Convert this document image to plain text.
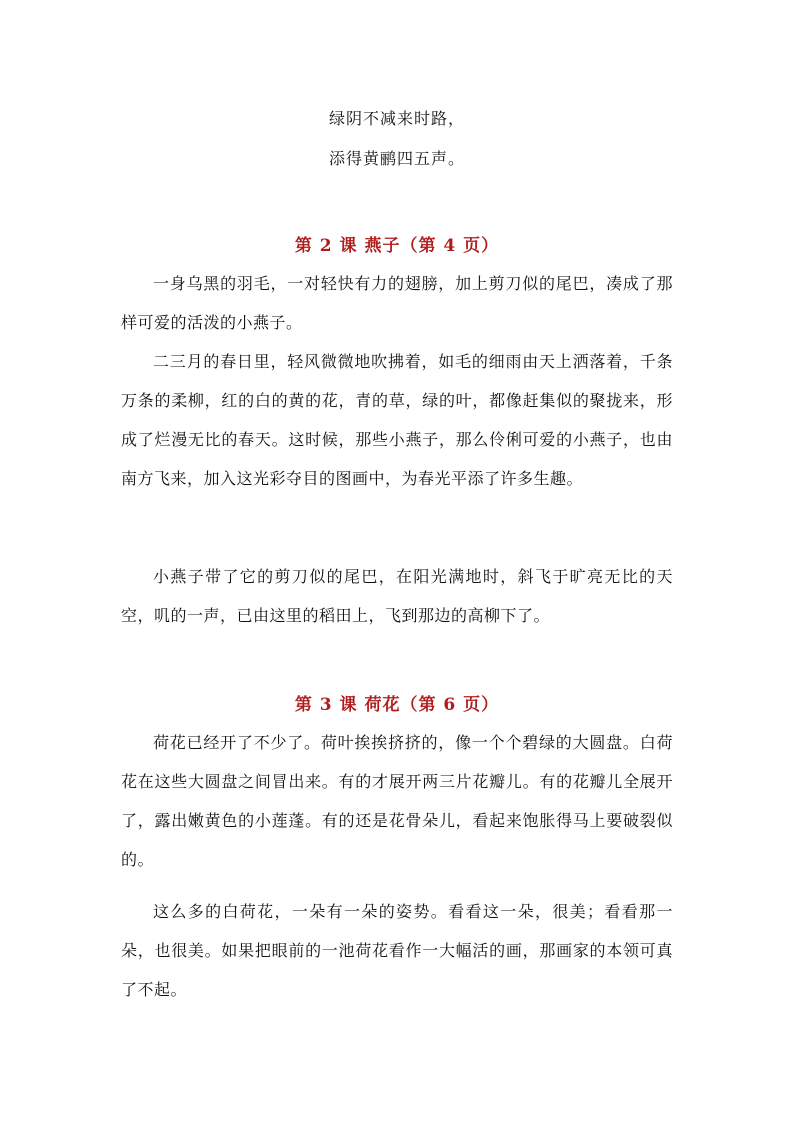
绿阴不减来时路，
添得黄鹂四五声。
第 2 课 燕子（第 4 页）
一身乌黑的羽毛，一对轻快有力的翅膀，加上剪刀似的尾巴，凑成了那样可爱的活泼的小燕子。
二三月的春日里，轻风微微地吹拂着，如毛的细雨由天上洒落着，千条万条的柔柳，红的白的黄的花，青的草，绿的叶，都像赶集似的聚拢来，形成了烂漫无比的春天。这时候，那些小燕子，那么伶俐可爱的小燕子，也由南方飞来，加入这光彩夺目的图画中，为春光平添了许多生趣。
小燕子带了它的剪刀似的尾巴，在阳光满地时，斜飞于旷亮无比的天空，叽的一声，已由这里的稻田上，飞到那边的高柳下了。
第 3 课 荷花（第 6 页）
荷花已经开了不少了。荷叶挨挨挤挤的，像一个个碧绿的大圆盘。白荷花在这些大圆盘之间冒出来。有的才展开两三片花瓣儿。有的花瓣儿全展开了，露出嫩黄色的小莲蓬。有的还是花骨朵儿，看起来饱胀得马上要破裂似的。
这么多的白荷花，一朵有一朵的姿势。看看这一朵，很美；看看那一朵，也很美。如果把眼前的一池荷花看作一大幅活的画，那画家的本领可真了不起。
